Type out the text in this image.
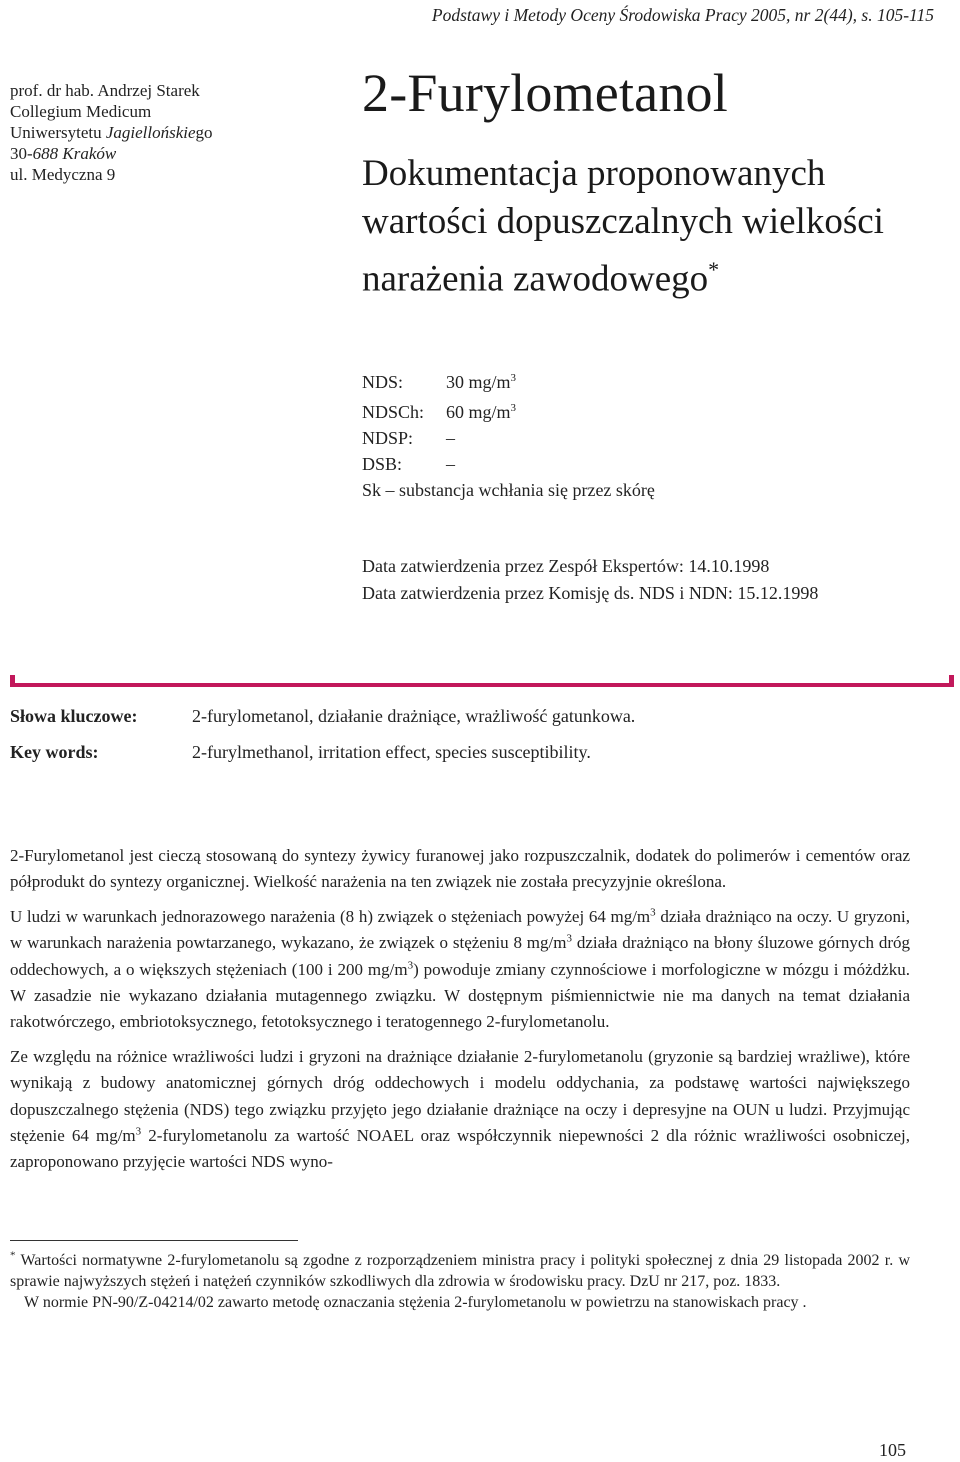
Podstawy i Metody Oceny Środowiska Pracy 2005, nr 2(44), s. 105-115
prof. dr hab. Andrzej Starek
Collegium Medicum
Uniwersytetu Jagiellońskiego
30-688 Kraków
ul. Medyczna 9
2-Furylometanol
Dokumentacja proponowanych
wartości dopuszczalnych wielkości
narażenia zawodowego*
NDS: 30 $mg/m^3$
NDSCh: 60 $mg/m^3$
NDSP: –
DSB: –
Sk – substancja wchłania się przez skórę
Data zatwierdzenia przez Zespół Ekspertów: 14.10.1998
Data zatwierdzenia przez Komisję ds. NDS i NDN: 15.12.1998
Słowa kluczowe:	2-furylometanol, działanie drażniące, wrażliwość gatunkowa.
Key words:	2-furylmethanol, irritation effect, species susceptibility.

2-Furylometanol jest cieczą stosowaną do syntezy żywicy furanowej jako rozpuszczalnik, dodatek do polimerów i cementów oraz półprodukt do syntezy organicznej. Wielkość narażenia na ten związek nie została precyzyjnie określona.

U ludzi w warunkach jednorazowego narażenia (8 h) związek o stężeniach powyżej 64 $mg/m^3$ działa drażniąco na oczy. U gryzoni, w warunkach narażenia powtarzanego, wykazano, że związek o stężeniu 8 $mg/m^3$ działa drażniąco na błony śluzowe górnych dróg oddechowych, a o większych stężeniach (100 i 200 $mg/m^3$) powoduje zmiany czynnościowe i morfologiczne w mózgu i móżdżku. W zasadzie nie wykazano działania mutagennego związku. W dostępnym piśmiennictwie nie ma danych na temat działania rakotwórczego, embriotoksycznego, fetotoksycznego i teratogennego 2-furylometanolu.

Ze względu na różnice wrażliwości ludzi i gryzoni na drażniące działanie 2-furylometanolu (gryzonie są bardziej wrażliwe), które wynikają z budowy anatomicznej górnych dróg oddechowych i modelu oddychania, za podstawę wartości największego dopuszczalnego stężenia (NDS) tego związku przyjęto jego działanie drażniące na oczy i depresyjne na OUN u ludzi. Przyjmując stężenie 64 $mg/m^3$ 2-furylometanolu za wartość NOAEL oraz współczynnik niepewności 2 dla różnic wrażliwości osobniczej, zaproponowano przyjęcie wartości NDS wyno-

* Wartości normatywne 2-furylometanolu są zgodne z rozporządzeniem ministra pracy i polityki społecznej z dnia 29 listopada 2002 r. w sprawie najwyższych stężeń i natężeń czynników szkodliwych dla zdrowia w środowisku pracy. DzU nr 217, poz. 1833.
W normie PN-90/Z-04214/02 zawarto metodę oznaczania stężenia 2-furylometanolu w powietrzu na stanowiskach pracy .
105
